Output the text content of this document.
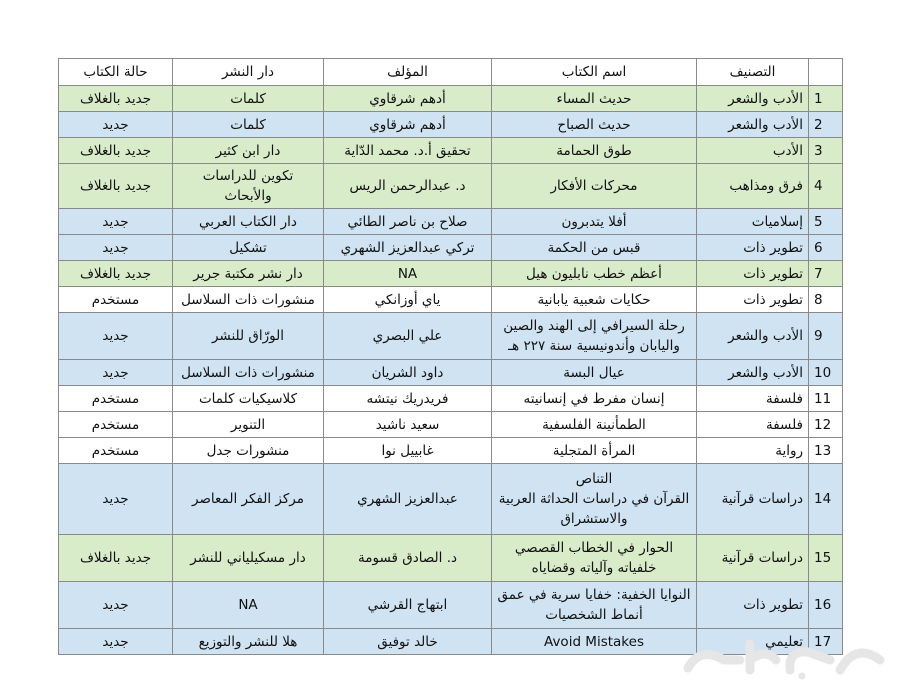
	التصنيف	اسم الكتاب	المؤلف	دار النشر	حالة الكتاب
1	الأدب والشعر	حديث المساء	أدهم شرقاوي	كلمات	جديد بالغلاف
2	الأدب والشعر	حديث الصباح	أدهم شرقاوي	كلمات	جديد
3	الأدب	طوق الحمامة	تحقيق أ.د. محمد الدّاية	دار ابن كثير	جديد بالغلاف
4	فرق ومذاهب	محركات الأفكار	د. عبدالرحمن الريس	تكوين للدراسات والأبحاث	جديد بالغلاف
5	إسلاميات	أفلا يتدبرون	صلاح بن ناصر الطائي	دار الكتاب العربي	جديد
6	تطوير ذات	قبس من الحكمة	تركي عبدالعزيز الشهري	تشكيل	جديد
7	تطوير ذات	أعظم خطب نابليون هيل	NA	دار نشر مكتبة جرير	جديد بالغلاف
8	تطوير ذات	حكايات شعبية يابانية	ياي أوزانكي	منشورات ذات السلاسل	مستخدم
9	الأدب والشعر	رحلة السيرافي إلى الهند والصين
واليابان وأندونيسية سنة ٢٢٧ هـ	علي البصري	الورّاق للنشر	جديد
10	الأدب والشعر	عيال البسة	داود الشريان	منشورات ذات السلاسل	جديد
11	فلسفة	إنسان مفرط في إنسانيته	فريدريك نيتشه	كلاسيكيات كلمات	مستخدم
12	فلسفة	الطمأنينة الفلسفية	سعيد ناشيد	التنوير	مستخدم
13	رواية	المرأة المتجلية	غابييل نوا	منشورات جدل	مستخدم
14	دراسات قرآنية	التناص
القرآن في دراسات الحداثة العربية
والاستشراق	عبدالعزيز الشهري	مركز الفكر المعاصر	جديد
15	دراسات قرآنية	الحوار في الخطاب القصصي
خلفياته وآلياته وقضاياه	د. الصادق قسومة	دار مسكيلياني للنشر	جديد بالغلاف
16	تطوير ذات	النوايا الخفية: خفايا سرية في عمق
أنماط الشخصيات	ابتهاج القرشي	NA	جديد
17	تعليمي	Avoid Mistakes	خالد توفيق	هلا للنشر والتوزيع	جديد
